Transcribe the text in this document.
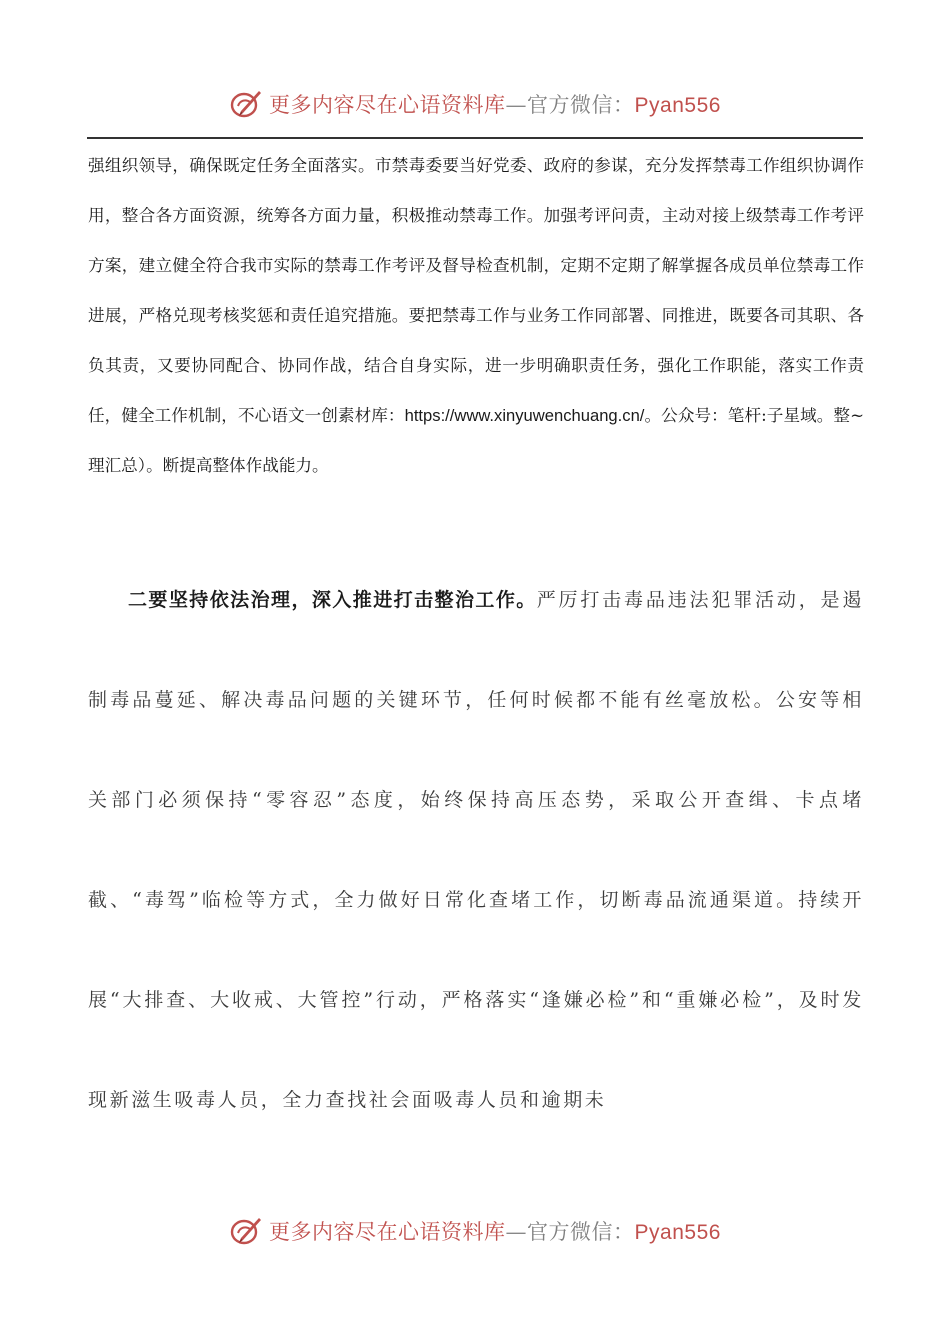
更多内容尽在心语资料库—官方微信：Pyan556

强组织领导，确保既定任务全面落实。市禁毒委要当好党委、政府的参谋，充分发挥禁毒工作组织协调作用，整合各方面资源，统筹各方面力量，积极推动禁毒工作。加强考评问责，主动对接上级禁毒工作考评方案，建立健全符合我市实际的禁毒工作考评及督导检查机制，定期不定期了解掌握各成员单位禁毒工作进展，严格兑现考核奖惩和责任追究措施。要把禁毒工作与业务工作同部署、同推进，既要各司其职、各负其责，又要协同配合、协同作战，结合自身实际，进一步明确职责任务，强化工作职能，落实工作责任，健全工作机制，不心语文一创素材库：https://www.xinyuwenchuang.cn/。公众号：笔杆:子星域。整~理汇总）。断提高整体作战能力。

二要坚持依法治理，深入推进打击整治工作。严厉打击毒品违法犯罪活动，是遏制毒品蔓延、解决毒品问题的关键环节，任何时候都不能有丝毫放松。公安等相关部门必须保持“零容忍”态度，始终保持高压态势，采取公开查缉、卡点堵截、“毒驾”临检等方式，全力做好日常化查堵工作，切断毒品流通渠道。持续开展“大排查、大收戒、大管控”行动，严格落实“逢嫌必检”和“重嫌必检”，及时发现新滋生吸毒人员，全力查找社会面吸毒人员和逾期未

更多内容尽在心语资料库—官方微信：Pyan556
